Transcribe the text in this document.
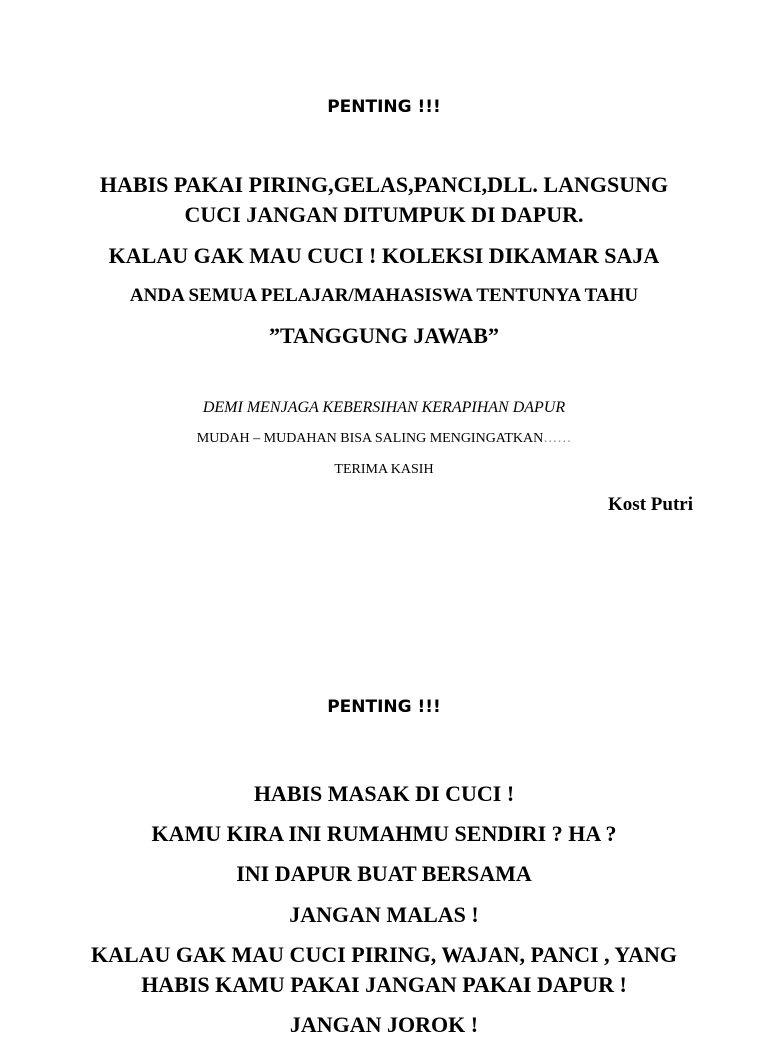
PENTING !!!
HABIS PAKAI PIRING,GELAS,PANCI,DLL. LANGSUNG
CUCI JANGAN DITUMPUK DI DAPUR.
KALAU GAK MAU CUCI ! KOLEKSI DIKAMAR SAJA
ANDA SEMUA PELAJAR/MAHASISWA TENTUNYA TAHU
”TANGGUNG JAWAB”
DEMI MENJAGA KEBERSIHAN KERAPIHAN DAPUR
MUDAH – MUDAHAN BISA SALING MENGINGATKAN……
TERIMA KASIH
Kost Putri
PENTING !!!
HABIS MASAK DI CUCI !
KAMU KIRA INI RUMAHMU SENDIRI ? HA ?
INI DAPUR BUAT BERSAMA
JANGAN MALAS !
KALAU GAK MAU CUCI PIRING, WAJAN, PANCI , YANG
HABIS KAMU PAKAI JANGAN PAKAI DAPUR !
JANGAN JOROK !
